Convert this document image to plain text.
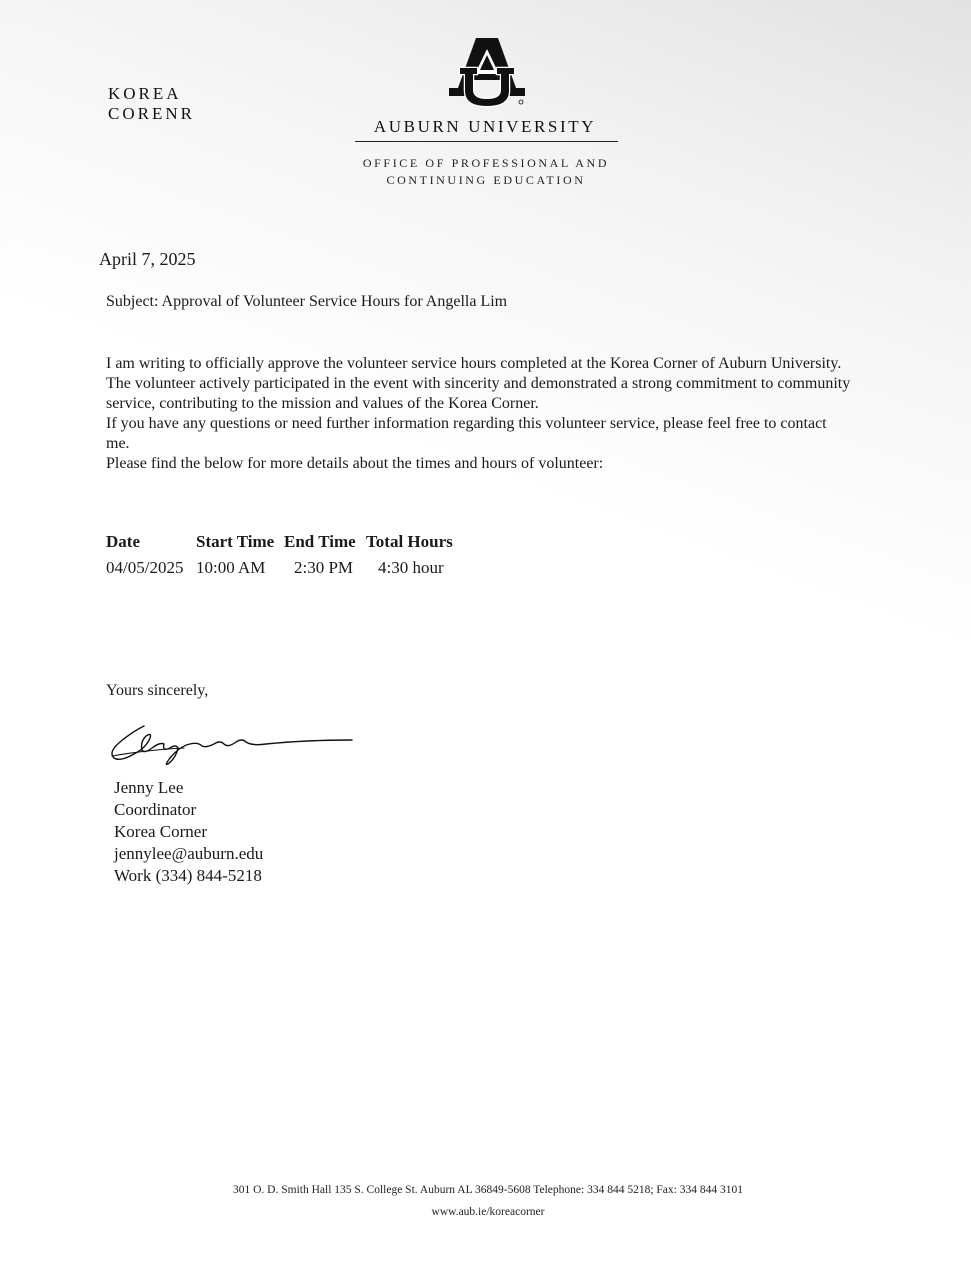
KOREA
CORENR
AUBURN UNIVERSITY
OFFICE OF PROFESSIONAL AND
CONTINUING EDUCATION
April 7, 2025
Subject: Approval of Volunteer Service Hours for Angella Lim

I am writing to officially approve the volunteer service hours completed at the Korea Corner of Auburn University.

The volunteer actively participated in the event with sincerity and demonstrated a strong commitment to community service, contributing to the mission and values of the Korea Corner.

If you have any questions or need further information regarding this volunteer service, please feel free to contact me.

Please find the below for more details about the times and hours of volunteer:

Date	Start Time	End Time	Total Hours
04/05/2025	10:00 AM	2:30 PM	4:30 hour
Yours sincerely,
Jenny Lee
Coordinator
Korea Corner
jennylee@auburn.edu
Work (334) 844-5218
301 O. D. Smith Hall 135 S. College St. Auburn AL 36849-5608 Telephone: 334 844 5218; Fax: 334 844 3101
www.aub.ie/koreacorner
